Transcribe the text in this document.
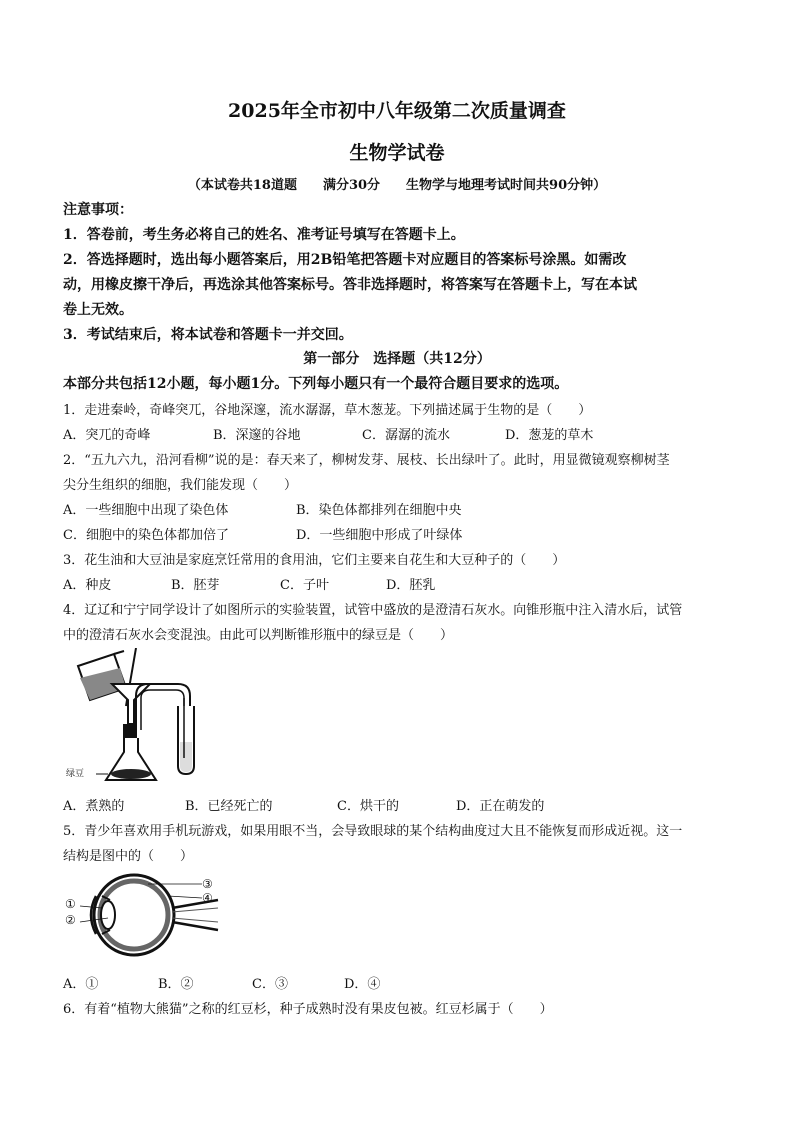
2025年全市初中八年级第二次质量调查
生物学试卷
（本试卷共18道题　　满分30分　　生物学与地理考试时间共90分钟）
注意事项：
1．答卷前，考生务必将自己的姓名、准考证号填写在答题卡上。
2．答选择题时，选出每小题答案后，用2B铅笔把答题卡对应题目的答案标号涂黑。如需改
动，用橡皮擦干净后，再选涂其他答案标号。答非选择题时，将答案写在答题卡上，写在本试
卷上无效。
3．考试结束后，将本试卷和答题卡一并交回。
第一部分　选择题（共12分）
本部分共包括12小题，每小题1分。下列每小题只有一个最符合题目要求的选项。
1．走进秦岭，奇峰突兀，谷地深邃，流水潺潺，草木葱茏。下列描述属于生物的是（　　）
A．突兀的奇峰	B．深邃的谷地	C．潺潺的流水	D．葱茏的草木
2．“五九六九，沿河看柳”说的是：春天来了，柳树发芽、展枝、长出绿叶了。此时，用显微镜观察柳树茎
尖分生组织的细胞，我们能发现（　　）
A．一些细胞中出现了染色体	B．染色体都排列在细胞中央
C．细胞中的染色体都加倍了	D．一些细胞中形成了叶绿体
3．花生油和大豆油是家庭烹饪常用的食用油，它们主要来自花生和大豆种子的（　　）
A．种皮	B．胚芽	C．子叶	D．胚乳
4．辽辽和宁宁同学设计了如图所示的实验装置，试管中盛放的是澄清石灰水。向锥形瓶中注入清水后，试管
中的澄清石灰水会变混浊。由此可以判断锥形瓶中的绿豆是（　　）
绿豆
A．煮熟的	B．已经死亡的	C．烘干的	D．正在萌发的
5．青少年喜欢用手机玩游戏，如果用眼不当，会导致眼球的某个结构曲度过大且不能恢复而形成近视。这一
结构是图中的（　　）
①
②
③
④
A．①	B．②	C．③	D．④
6．有着“植物大熊猫”之称的红豆杉，种子成熟时没有果皮包被。红豆杉属于（　　）
